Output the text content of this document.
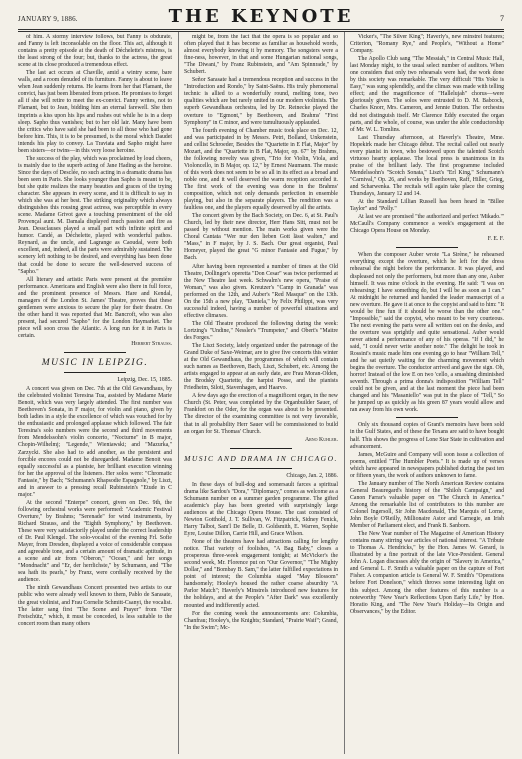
JANUARY 9, 1886.	THE KEYNOTE	7

of him. A stormy interview follows, but Fanny is obdurate, and Fanny is left inconsolable on the floor. This act, although it contains a pretty episode at the death of Déchelette's mistress, is the least strong of the four; but, thanks to the actress, the great scene at its close produced a tremendous effect.

The last act occurs at Chaville, amid a wintry scene, bare walls, and a room denuded of its furniture. Fanny is about to leave when Jean suddenly returns. He learns from her that Flamant, the convict, has just been liberated from prison. He promises to forget all if she will retire to meet the ex-convict. Fanny writes, not to Flamant, but to Jean, bidding him an eternal farewell. She then imprints a kiss upon his lips and rushes out while he is in a deep sleep. Sapho thus vanishes; but to her old lair. Many have been the critics who have said she had been to all those who had gone before him. This, it is to be presumed, is the moral which Daudet intends his play to convey. La Traviata and Sapho might have been sisters—or twins—in this very loose heroine.

The success of the play, which was proclaimed by loud cheers, is mainly due to the superb acting of Jane Hading as the heroine. Since the days of Desclée, no such acting in a dramatic drama has been seen in Paris. She looks younger than Sapho is meant to be, but she quite realizes the many beauties and graces of the trying character. She appears in every scene, and it is difficult to say in which she was at her best. The striking originality which always distinguishes this rousing great actress, was perceptible in every scene. Madame Grivot gave a touching presentment of the old Provençal aunt. M. Damala displayed much passion and fire as Jean. Dessclauses played a small part with infinite spirit and humor. Candé, as Déchelette, played with wonderful pathos. Reynard, as the uncle, and Lagrange as Caoudal, were both excellent, and, indeed, all the parts were admirably sustained. The scenery left nothing to be desired, and everything has been done that could be done to secure the well-deserved success of "Sapho."

All literary and artistic Paris were present at the première performance. Americans and English were also there in full force, and the prominent presence of Messrs. Hare and Kendal, managers of the London St. James' Theatre, proves that these gentlemen were anxious to secure the play for their theatre. On the other hand it was reported that Mr. Bancroft, who was also present, had secured "Sapho" for the London Haymarket. The piece will soon cross the Atlantic. A long run for it in Paris is certain.

Herbert Strauss.

MUSIC IN LEIPZIG.

Leipzig, Dec. 15, 1885.

A concert was given on Dec. 7th at the Old Gewandhaus, by the celebrated violinist Teresina Tua, assisted by Madame Marie Benoit, which was very largely attended. The first number was Beethoven's Sonata, in F major, for violin and piano, given by both ladies in a style the excellence of which was vouched for by the enthusiastic and prolonged applause which followed. The fair Teresina's solo numbers were the second and third movements from Mendelssohn's violin concerto, "Nocturne" in B major, Chopin-Wilhelmj; "Legende," Wieniawski; and "Mazurka," Zarzycki. She also had to add another, as the persistent and forcible encores could not be disregarded. Madame Benoit was equally successful as a pianiste, her brilliant execution winning for her the approval of the listeners. Her solos were: "Chromatic Fantasie," by Bach; "Schumann's Rhapsodie Espagnole," by Liszt, and in answer to a pressing recall Rubinstein's "Etude in C major."

At the second "Enterpe" concert, given on Dec. 9th, the following orchestral works were performed: "Academic Festival Overture," by Brahms; "Serenade" for wind instruments, by Richard Strauss, and the "Eighth Symphony," by Beethoven. These were very satisfactorily played under the correct leadership of Dr. Paul Klengel. The solo-vocalist of the evening Frl. Sofie Mayer, from Dresden, displayed a voice of considerable compass and agreeable tone, and a certain amount of dramatic aptitude, in a scene and air from "Oberon," "Ocean," and her songs "Mondnacht" and "Er, der herrlichste," by Schumann, and "The sea hath its pearls," by Franz, were cordially received by the audience.

The ninth Gewandhaus Concert presented two artists to our public who were already well known to them, Pablo de Sarasate, the great violinist, and Frau Cornelie Schmitt-Csanyi, the vocalist. The latter sang first "The Scene and Prayer" from "Der Freischütz," which, it must be conceded, is less suitable to the concert room than many others

might be, from the fact that the opera is so popular and so often played that it has become as familiar as household words, almost everybody knowing it by memory. The songsters were a fine-ness, however, in that and some Hungarian national songs, "The Diwani," by Franz Rubinstein, and "Am Spinnrade," by Schubert.

Señor Sarasate had a tremendous reception and success in the "Introduction and Rondo," by Saint-Saëns. His truly phenomenal technic is allied to a wonderfully round, melting tone, two qualities which are but rarely united in our modern violinists. The superb Gewandhaus orchestra, led by Dr. Reinecke played the overture to "Egmont," by Beethoven, and Brahms' "First Symphony" in C minor, and were tumultuously applauded.

The fourth evening of Chamber music took place on Dec. 12, and was participated in by Messrs. Petri, Bolland, Unkenstein, and cellist Schroeder, Besides the "Quartette in E Flat, Major" by Mozart, and the "Quartette in B Flat, Major, op. 67" by Brahms, the following novelty was given, "Trio for Violin, Viola, and Violoncello, in B Major, op. 12," by Ernest Naumann. The music of this work does not seem to be so all in its effect as a broad and noble one, and it well deserved the warm reception accorded it. The first work of the evening was done in the Brahms' composition, which not only demands perfection in ensemble playing, but also in the separate players. The rendition was a faultless one, and the players equally deserved by all the artists.

The concert given by the Bach Society, on Dec. 6, at St. Paul's Church, led by their new director, Herr Hans Sitt, must not be passed by without mention. The main works given were the Choral Cantata "Wer nur den lieben Gott lässt walten," and "Mass," in F major, by J. S. Bach. Our great organist, Paul Homeyer, played the great "G minor Fantasie and Fugue," by Bach.

After having been represented a number of times at the Old Theatre, Dollinger's operetta "Don Cesar" was twice performed at the New Theatre last week. Schwalm's new opera, "Praise of Woman," was also given. Kreutzer's "Camp in Granada" was performed on the 12th, and Auber's "Red Masque" on the 13th. On the 15th a new play, "Daniela," by Felix Philippi, was very successful indeed, having a number of powerful situations and effective climaxes.

The Old Theatre produced the following during the week: Lortzing's "Undine," Nessler's "Trumpeter," and Obert's "Maitre des Forges."

The Liszt Society, lately organized under the patronage of the Grand Duke of Saxe-Weimar, are to give five concerts this winter at the Old Gewandhaus, the programmes of which will contain such names as Beethoven, Bach, Liszt, Schubert, etc. Among the artists engaged to appear at an early date, are Frau Moran-Olden, the Brodsky Quartette, the harpist Posse, and the pianists Friedheim, Siloti, Stavenhagen, and Haarvo.

A few days ago the erection of a magnificent organ, in the new Church (St. Peter, was completed by the Organbuilder Sauer, of Frankfort on the Oder, for the organ was about to be presented. The director of the examining committee is not very favorable, that in all probability Herr Sauer will be commissioned to build an organ for St. Thomas' Church.

Arno Kuhler.

MUSIC AND DRAMA IN CHICAGO.

Chicago, Jan. 2, 1886.

In these days of bull-dog and somersault farces a spiritual drama like Sardou's "Dora," "Diplomacy," comes as welcome as a Schumann number on a summer garden programme. The gifted academic's play has been greeted with surprisingly large audiences at the Chicago Opera House. The cast consisted of Newton Gotthold, J. T. Sullivan, W. Fitzpatrick, Sidney Fenick, Harry Talbot, Sam'l De Belle, D. Goldsmith, E. Warren, Sophie Eyre, Louise Dillon, Carrie Hill, and Grace Wilson.

None of the theatres have had attractions calling for lengthy notice. That variety of foolishes, "A Bag Baby," closes a prosperous three-week engagement tonight; at McVicker's the second week, Mr. Florence put on "Our Governor," "The Mighty Dollar," and "Bombay B. Sam," the latter fulfilled expectations in point of interest; the Columbia staged "May Blossom" handsomely; Hooley's housed the rather coarse absurdity "A Parlor Match"; Haverly's Minstrels introduced new features for the holidays, and at the People's "After Dark" was excellently mounted and indifferently acted.

For the coming week the announcements are: Columbia, Chanfrau; Hooley's, the Knights; Standard, "Prairie Waif"; Grand, "In the Swim"; Mc-

Vicker's, "The Silver King"; Haverly's, new minstrel features; Criterion, "Romany Rye," and People's, "Without a Home" Company.

The Apollo Club sang "The Messiah," in Central Music Hall, last Monday night, to the usual select number of auditors. When one considers that only two rehearsals were had, the work done by this society was remarkable. The very difficult "His Yoke is Easy," was sung splendidly, and the climax was made with telling effect; and the magnificence of "Hallelujah" chorus—were gloriously given. The solos were entrusted to D. M. Babcock, Charles Knorr, Mrs. Cameron, and Jennie Dutton. The orchestra did not distinguish itself. Mr Clarence Eddy executed the organ parts, and the whole, of course, was under the able conductorship of Mr. W. L. Tomlins.

Last Thursday afternoon, at Haverly's Theatre, Mme. Hopekirk made her Chicago début. The recital called out nearly every pianist in town, who bestowed upon the talented Scotch virtuoso hearty applause. The local press is unanimous in its praise of the brilliant lady. The first programme included Mendelssohn's "Scotch Sonata," Liszt's "Erl King," Schumann's "Carnival," Op. 26, and works by Beethoven, Raff, Hiller, Grieg, and Scharwenka. The recitals will again take place the coming Thursdays, January 12 and 14.

At the Standard Lillian Russell has been heard in "Billee Taylor" and "Polly."

At last we are promised "the authorized and perfect 'Mikado.'" McCaull's Company commence a week's engagement at the Chicago Opera House on Monday.

F. E. F.

When the composer Auber wrote "La Sirène," he rehearsed everything except the overture, which he left for the dress rehearsal the night before the performance. It was played, and displeased not only the performers, but more than any one, Auber himself. It was mine o'clock in the evening. He said: "I was on rehearsing; I have something do, but I will be as soon as I can." At midnight he returned and handed the leader manuscript of a new overture. He gave it at once to the copyist and said to him: "It would be fine fun if it should be worse than the other one." "Impossible," said the copyist, who meant to be very courteous. The next evening the parts were all written out on the desks, and the overture was sprightly and quite sensational. Auber would never attend a performance of any of his operas. "If I did," he said, "I could never write another note." The delight he took in Rossini's music made him one evening go to hear "William Tell," and he sat quietly waiting for the charming movement which begins the overture. The conductor arrived and gave the sign. Oh, horror! Instead of the low E on two 'cello, a smashing diminished seventh. Through a prima donna's indisposition "William Tell" could not be given, and at the last moment the piece had been changed and his "Masaniello" was put in the place of "Tell," So he jumped up as quickly as his green 87 years would allow and ran away from his own work.

Only six thousand copies of Grant's memoirs have been sold in the Gulf States, and of these the Texans are said to have bought half. This shows the progress of Lone Star State in cultivation and advancement.

James, McGuire and Company will soon issue a collection of poems, entitled "The Humbler Poets." It is made up of verses which have appeared in newspapers published during the past ten or fifteen years, the work of authors unknown to fame.

The January number of The North American Review contains General Beauregard's history of the "Shiloh Campaign," and Canon Farrar's valuable paper on "The Church in America." Among the remarkable list of contributors to this number are Colonel Ingersoll, Sir John Macdonald, The Marquis of Lorne, John Boyle O'Reilly, Millionaire Astor and Carnegie, an Irish Member of Parliament elect, and Frank B. Sanborn.

The New Year number of The Magazine of American History contains many stirring war articles of national interest. "A Tribute to Thomas A. Hendricks," by the Hon. James W. Gerard, is illustrated by a fine portrait of the late Vice-President. General John A. Logan discusses ably the origin of "Slavery in America," and General L. F. Smith a valuable paper on the capture of Fort Fisher. A companion article is General W. F. Smith's "Operations before Fort Donelson," which throws some interesting light on this subject. Among the other features of this number is a noteworthy "New Year's Reflections Upon Early Life," by Hon. Horatio King, and "The New Year's Holiday—Its Origin and Observances," by the Editor.
